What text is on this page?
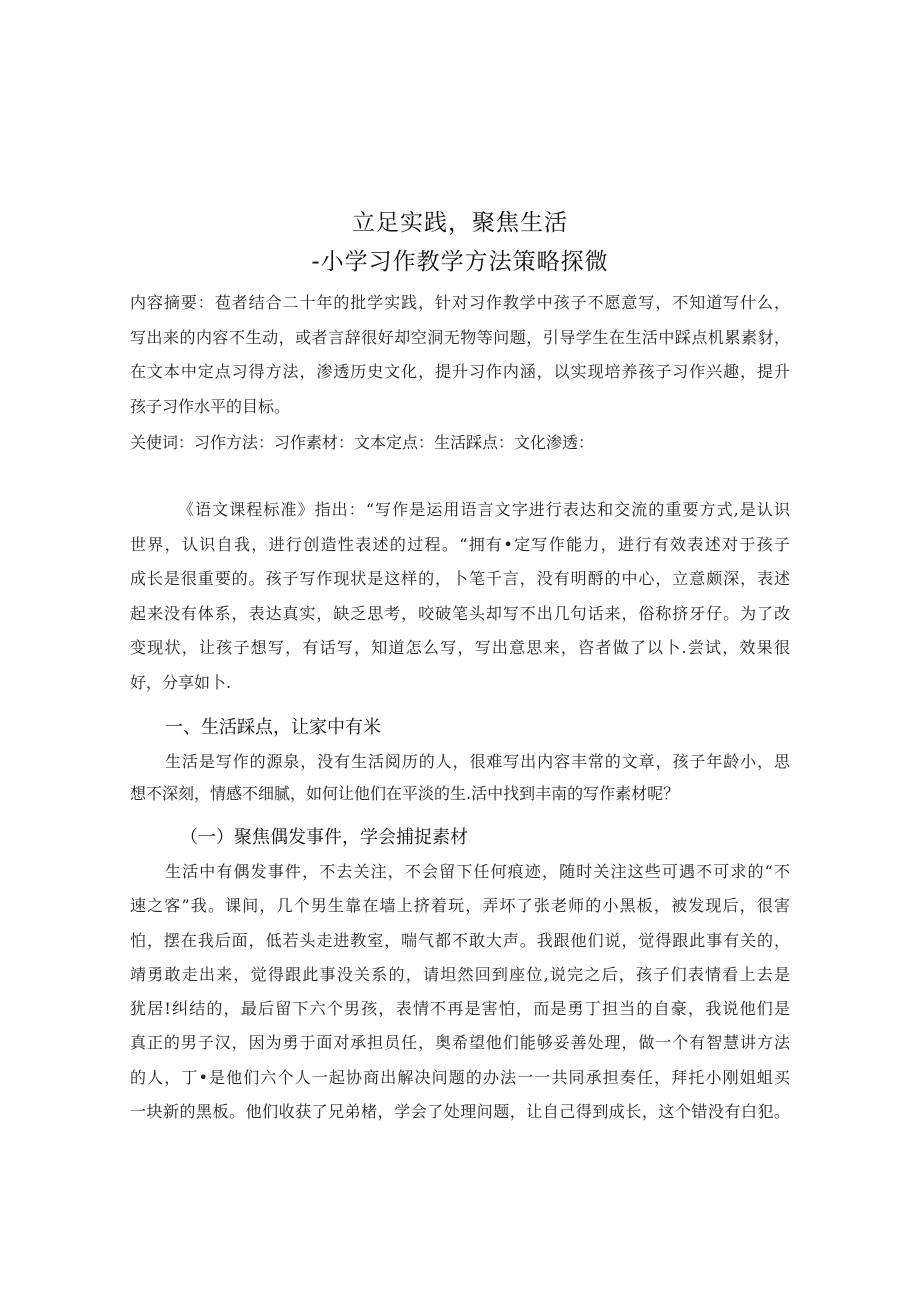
立足实践，聚焦生活
-小学习作教学方法策略探微
内容摘要：苞者结合二十年的批学实践，针对习作教学中孩子不愿意写，不知道写什么，
写出来的内容不生动，或者言辞很好却空洞无物等问题，引导学生在生活中踩点机累素豺，
在文本中定点习得方法，渗透历史文化，提升习作内涵，以实现培养孩子习作兴趣，提升
孩子习作水平的目标。
关使词：习作方法：习作素材：文本定点：生活踩点：文化渗透：
《语文课程标准》指出：“写作是运用语言文字进行表达和交流的重要方式,是认识
世界，认识自我，进行创造性表述的过程。“拥有•定写作能力，进行有效表述对于孩子
成长是很重要的。孩子写作现状是这样的，卜笔千言，没有明酹的中心，立意颇深，表述
起来没有体系，表达真实，缺乏思考，咬破笔头却写不出几句话来，俗称挤牙仔。为了改
变现状，让孩子想写，有话写，知道怎么写，写出意思来，咨者做了以卜.尝试，效果很
好，分享如卜.
一、生活踩点，让家中有米
生活是写作的源泉，没有生活阅历的人，很难写出内容丰常的文章，孩子年龄小，思
想不深刻，情感不细腻，如何让他们在平淡的生.活中找到丰南的写作素材呢？
（一）聚焦偶发事件，学会捕捉素材
生活中有偶发事件，不去关注，不会留下任何痕迹，随时关注这些可遇不可求的“不
速之客”我。课间，几个男生靠在墙上挤着玩，弄坏了张老师的小黑板，被发现后，很害
怕，摆在我后面，低若头走进教室，喘气都不敢大声。我跟他们说，觉得跟此事有关的，
靖勇敢走出来，觉得跟此事没关系的，请坦然回到座位,说完之后，孩子们表情看上去是
犹居!纠结的，最后留下六个男孩，表情不再是害怕，而是勇丁担当的自豪，我说他们是
真正的男子汉，因为勇于面对承担员任，奥希望他们能够妥善处理，做一个有智慧讲方法
的人，丁•是他们六个人一起协商出解决问题的办法一一共同承担奏任，拜托小刚姐蛆买
一块新的黑板。他们收获了兄弟楮，学会了处理问题，让自己得到成长，这个错没有白犯。
